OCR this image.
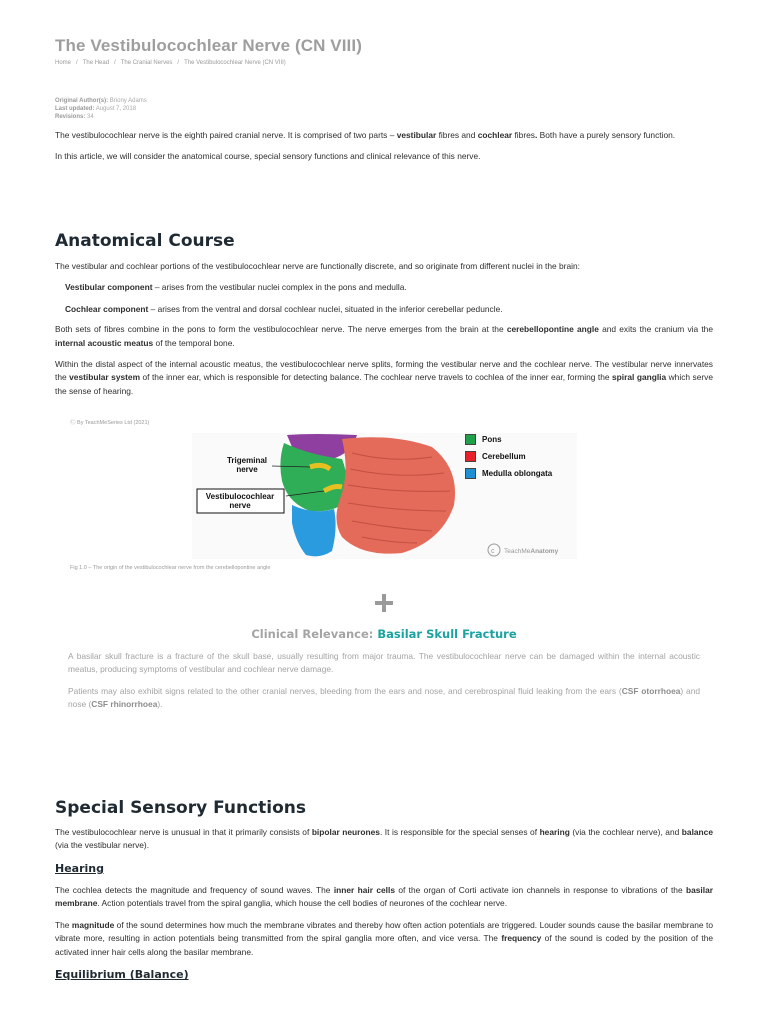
The Vestibulocochlear Nerve (CN VIII)
Home / The Head / The Cranial Nerves / The Vestibulocochlear Nerve (CN VIII)
Original Author(s): Briony Adams
Last updated: August 7, 2018
Revisions: 34

The vestibulocochlear nerve is the eighth paired cranial nerve. It is comprised of two parts – vestibular fibres and cochlear fibres. Both have a purely sensory function.

In this article, we will consider the anatomical course, special sensory functions and clinical relevance of this nerve.

Anatomical Course

The vestibular and cochlear portions of the vestibulocochlear nerve are functionally discrete, and so originate from different nuclei in the brain:

Vestibular component – arises from the vestibular nuclei complex in the pons and medulla.

Cochlear component – arises from the ventral and dorsal cochlear nuclei, situated in the inferior cerebellar peduncle.

Both sets of fibres combine in the pons to form the vestibulocochlear nerve. The nerve emerges from the brain at the cerebellopontine angle and exits the cranium via the internal acoustic meatus of the temporal bone.

Within the distal aspect of the internal acoustic meatus, the vestibulocochlear nerve splits, forming the vestibular nerve and the cochlear nerve. The vestibular nerve innervates the vestibular system of the inner ear, which is responsible for detecting balance. The cochlear nerve travels to cochlea of the inner ear, forming the spiral ganglia which serve the sense of hearing.

Ⓒ By TeachMeSeries Ltd (2021)
Fig 1.0 – The origin of the vestibulocochlear nerve from the cerebellopontine angle
Trigeminal
nerve
Vestibulocochlear
nerve
c TeachMeAnatomy
Pons
Cerebellum
Medulla oblongata
Clinical Relevance: Basilar Skull Fracture

A basilar skull fracture is a fracture of the skull base, usually resulting from major trauma. The vestibulocochlear nerve can be damaged within the internal acoustic meatus, producing symptoms of vestibular and cochlear nerve damage.

Patients may also exhibit signs related to the other cranial nerves, bleeding from the ears and nose, and cerebrospinal fluid leaking from the ears (CSF otorrhoea) and nose (CSF rhinorrhoea).

Special Sensory Functions

The vestibulocochlear nerve is unusual in that it primarily consists of bipolar neurones. It is responsible for the special senses of hearing (via the cochlear nerve), and balance (via the vestibular nerve).

Hearing

The cochlea detects the magnitude and frequency of sound waves. The inner hair cells of the organ of Corti activate ion channels in response to vibrations of the basilar membrane. Action potentials travel from the spiral ganglia, which house the cell bodies of neurones of the cochlear nerve.

The magnitude of the sound determines how much the membrane vibrates and thereby how often action potentials are triggered. Louder sounds cause the basilar membrane to vibrate more, resulting in action potentials being transmitted from the spiral ganglia more often, and vice versa. The frequency of the sound is coded by the position of the activated inner hair cells along the basilar membrane.

Equilibrium (Balance)
